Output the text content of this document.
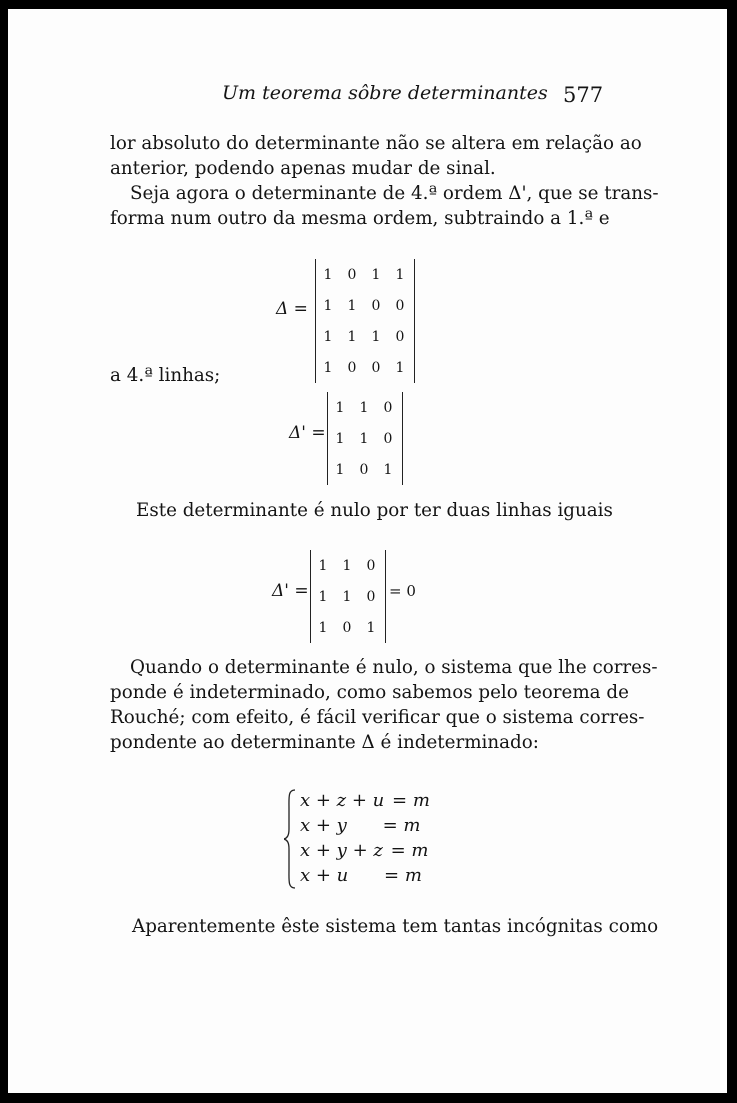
Um teorema sôbre determinantes 577
lor absoluto do determinante não se altera em relação ao
anterior, podendo apenas mudar de sinal.
Seja agora o determinante de 4.ª ordem Δ', que se trans-
forma num outro da mesma ordem, subtraindo a 1.ª e
Δ =
1	0	1	1
1	1	0	0
1	1	1	0
1	0	0	1
a 4.ª linhas;
Δ' =
1	1	0
1	1	0
1	0	1
Este determinante é nulo por ter duas linhas iguais
Δ' =
1	1	0
1	1	0
1	0	1
= 0
Quando o determinante é nulo, o sistema que lhe corres-
ponde é indeterminado, como sabemos pelo teorema de
Rouché; com efeito, é fácil verificar que o sistema corres-
pondente ao determinante Δ é indeterminado:
x + z + u = m
x + y = m
x + y + z = m
x + u = m
Aparentemente êste sistema tem tantas incógnitas como
